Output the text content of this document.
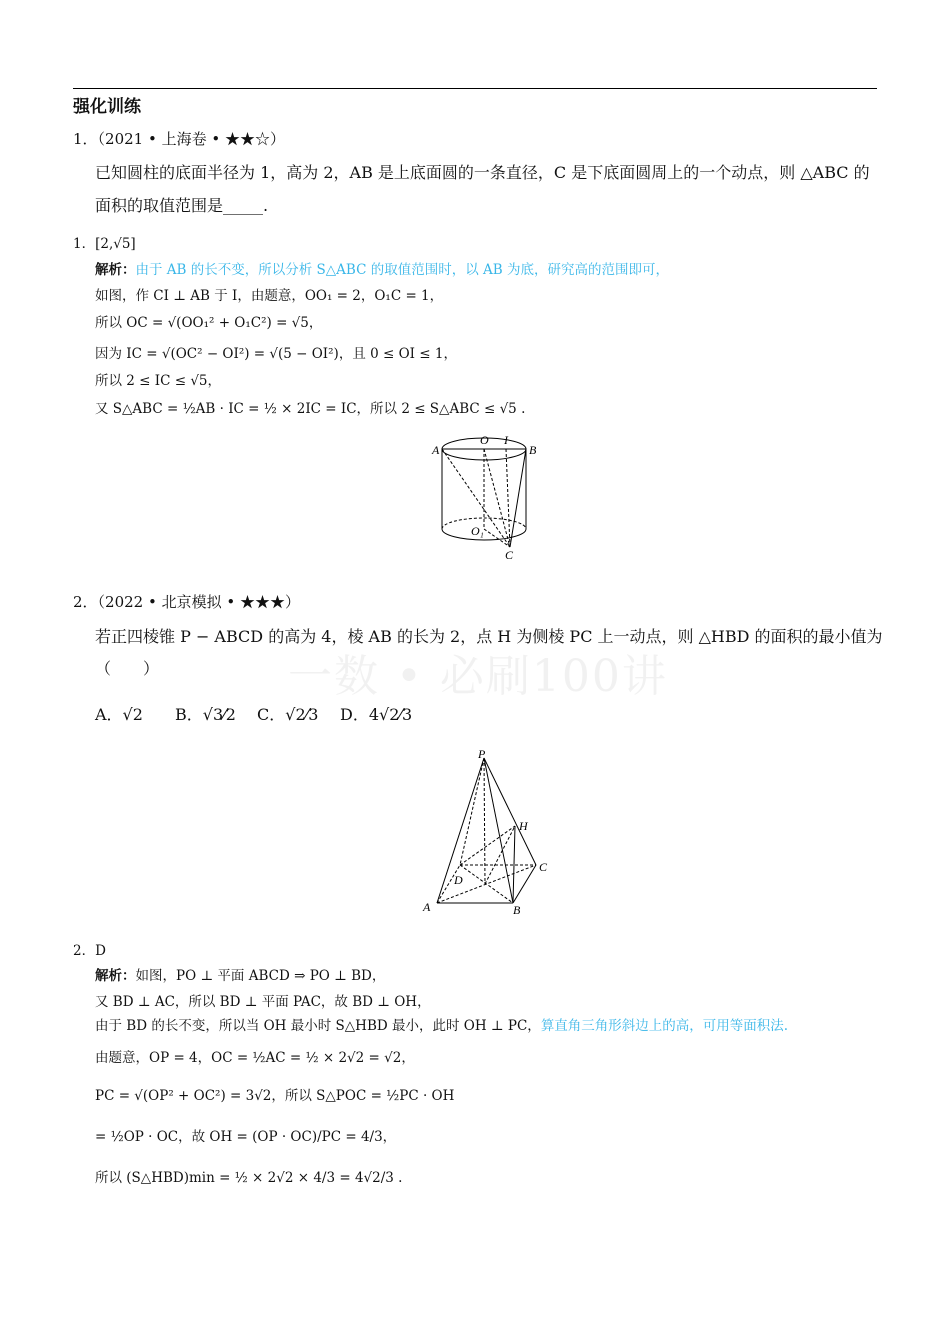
强化训练
一数 • 必刷100讲
1．（2021 • 上海卷 • ★★☆）
已知圆柱的底面半径为 1，高为 2，AB 是上底面圆的一条直径，C 是下底面圆周上的一个动点，则 △ABC 的
面积的取值范围是_____.
1．[2,√5]
解析：由于 AB 的长不变，所以分析 S△ABC 的取值范围时，以 AB 为底，研究高的范围即可，
如图，作 CI ⊥ AB 于 I，由题意，OO₁ = 2，O₁C = 1，
所以 OC = √(OO₁² + O₁C²) = √5，
因为 IC = √(OC² − OI²) = √(5 − OI²)，且 0 ≤ OI ≤ 1，
所以 2 ≤ IC ≤ √5，
又 S△ABC = ½AB · IC = ½ × 2IC = IC，所以 2 ≤ S△ABC ≤ √5 .
A
O I
B
O₁
C
2．（2022 • 北京模拟 • ★★★）
若正四棱锥 P − ABCD 的高为 4，棱 AB 的长为 2，点 H 为侧棱 PC 上一动点，则 △HBD 的面积的最小值为
（　　）
A．√2 B．√3⁄2 C．√2⁄3 D．4√2⁄3
P
H
C
D
A	B
2．D
解析：如图，PO ⊥ 平面 ABCD ⇒ PO ⊥ BD，
又 BD ⊥ AC，所以 BD ⊥ 平面 PAC，故 BD ⊥ OH，
由于 BD 的长不变，所以当 OH 最小时 S△HBD 最小，此时 OH ⊥ PC，算直角三角形斜边上的高，可用等面积法.
由题意，OP = 4，OC = ½AC = ½ × 2√2 = √2，
PC = √(OP² + OC²) = 3√2，所以 S△POC = ½PC · OH
= ½OP · OC，故 OH = (OP · OC)/PC = 4/3，
所以 (S△HBD)min = ½ × 2√2 × 4/3 = 4√2/3 .
